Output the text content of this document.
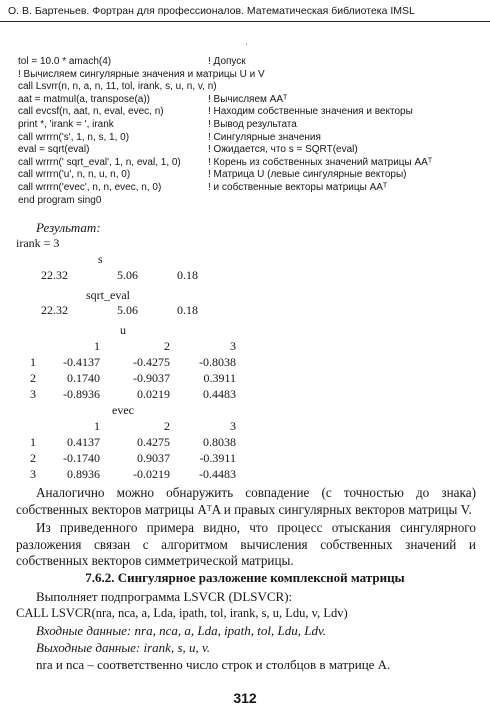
О. В. Бартеньев. Фортран для профессионалов. Математическая библиотека IMSL
'
tol = 10.0 * amach(4)	! Допуск
! Вычисляем сингулярные значения и матрицы U и V
call Lsvrr(n, n, a, n, 11, tol, irank, s, u, n, v, n)
aat = matmul(a, transpose(a))	! Вычисляем AAᵀ
call evcsf(n, aat, n, eval, evec, n)	! Находим собственные значения и векторы
print *, 'irank = ', irank	! Вывод результата
call wrrrn('s', 1, n, s, 1, 0)	! Сингулярные значения
eval = sqrt(eval)	! Ожидается, что s = SQRT(eval)
call wrrrn(' sqrt_eval', 1, n, eval, 1, 0)	! Корень из собственных значений матрицы AAᵀ
call wrrrn('u', n, n, u, n, 0)	! Матрица U (левые сингулярные векторы)
call wrrrn('evec', n, n, evec, n, 0)	! и собственные векторы матрицы AAᵀ
end program sing0
Результат:
irank = 3
s
22.32	5.06	0.18
sqrt_eval
22.32	5.06	0.18
u
1	2	3
1	-0.4137	-0.4275	-0.8038
2	0.1740	-0.9037	0.3911
3	-0.8936	0.0219	0.4483
evec
1	2	3
1	0.4137	0.4275	0.8038
2	-0.1740	0.9037	-0.3911
3	0.8936	-0.0219	-0.4483
Аналогично можно обнаружить совпадение (с точностью до знака) собственных векторов матрицы AᵀA и правых сингулярных векторов матрицы V.
Из приведенного примера видно, что процесс отыскания сингулярного разложения связан с алгоритмом вычисления собственных значений и собственных векторов симметрической матрицы.
7.6.2. Сингулярное разложение комплексной матрицы
Выполняет подпрограмма LSVCR (DLSVCR):
CALL LSVCR(nra, nca, a, Lda, ipath, tol, irank, s, u, Ldu, v, Ldv)
Входные данные: nra, nca, a, Lda, ipath, tol, Ldu, Ldv.
Выходные данные: irank, s, u, v.
nra и nca – соответственно число строк и столбцов в матрице A.
312
